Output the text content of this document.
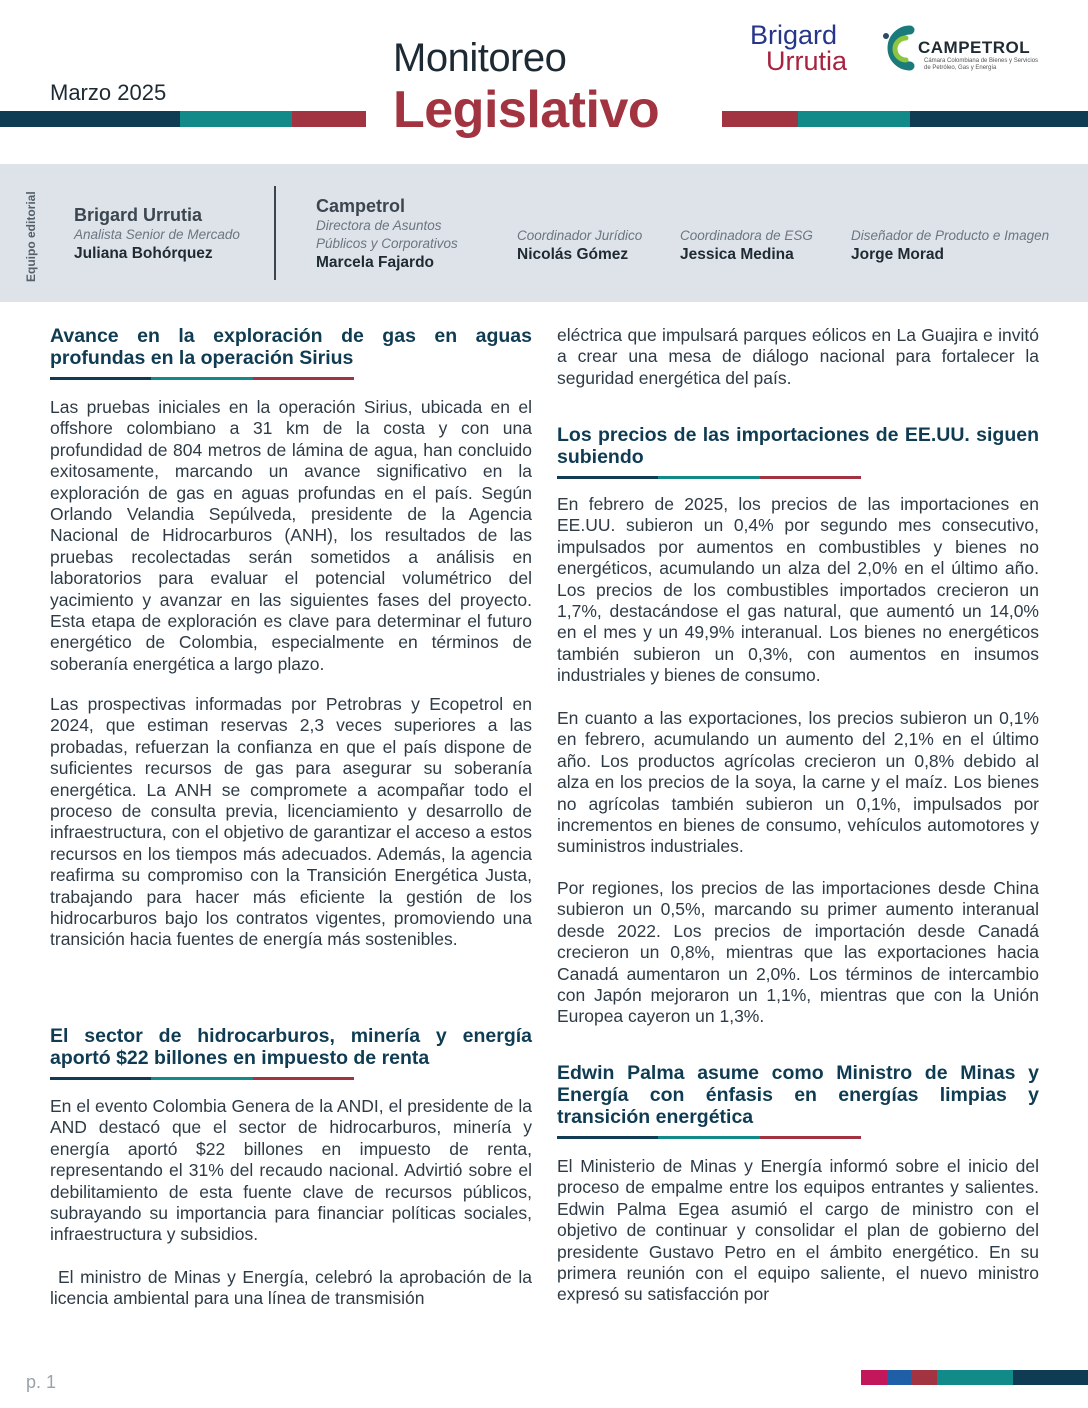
Marzo 2025
Monitoreo
Legislativo
Brigard
Urrutia	CAMPETROL
Cámara Colombiana de Bienes y Servicios de Petróleo, Gas y Energía
Equipo editorial Brigard Urrutia
Analista Senior de Mercado
Juliana Bohórquez
Campetrol
Directora de Asuntos
Públicos y Corporativos
Marcela Fajardo
Coordinador Jurídico
Nicolás Gómez
Coordinadora de ESG
Jessica Medina
Diseñador de Producto e Imagen
Jorge Morad
Avance en la exploración de gas en aguas profundas en la operación Sirius

Las pruebas iniciales en la operación Sirius, ubicada en el offshore colombiano a 31 km de la costa y con una profundidad de 804 metros de lámina de agua, han concluido exitosamente, marcando un avance significativo en la exploración de gas en aguas profundas en el país. Según Orlando Velandia Sepúlveda, presidente de la Agencia Nacional de Hidrocarburos (ANH), los resultados de las pruebas recolectadas serán sometidos a análisis en laboratorios para evaluar el potencial volumétrico del yacimiento y avanzar en las siguientes fases del proyecto. Esta etapa de exploración es clave para determinar el futuro energético de Colombia, especialmente en términos de soberanía energética a largo plazo.

Las prospectivas informadas por Petrobras y Ecopetrol en 2024, que estiman reservas 2,3 veces superiores a las probadas, refuerzan la confianza en que el país dispone de suficientes recursos de gas para asegurar su soberanía energética. La ANH se compromete a acompañar todo el proceso de consulta previa, licenciamiento y desarrollo de infraestructura, con el objetivo de garantizar el acceso a estos recursos en los tiempos más adecuados. Además, la agencia reafirma su compromiso con la Transición Energética Justa, trabajando para hacer más eficiente la gestión de los hidrocarburos bajo los contratos vigentes, promoviendo una transición hacia fuentes de energía más sostenibles.

El sector de hidrocarburos, minería y energía aportó $22 billones en impuesto de renta

En el evento Colombia Genera de la ANDI, el presidente de la AND destacó que el sector de hidrocarburos, minería y energía aportó $22 billones en impuesto de renta, representando el 31% del recaudo nacional. Advirtió sobre el debilitamiento de esta fuente clave de recursos públicos, subrayando su importancia para financiar políticas sociales, infraestructura y subsidios.

El ministro de Minas y Energía, celebró la aprobación de la licencia ambiental para una línea de transmisión

eléctrica que impulsará parques eólicos en La Guajira e invitó a crear una mesa de diálogo nacional para fortalecer la seguridad energética del país.

Los precios de las importaciones de EE.UU. siguen subiendo

En febrero de 2025, los precios de las importaciones en EE.UU. subieron un 0,4% por segundo mes consecutivo, impulsados por aumentos en combustibles y bienes no energéticos, acumulando un alza del 2,0% en el último año. Los precios de los combustibles importados crecieron un 1,7%, destacándose el gas natural, que aumentó un 14,0% en el mes y un 49,9% interanual. Los bienes no energéticos también subieron un 0,3%, con aumentos en insumos industriales y bienes de consumo.

En cuanto a las exportaciones, los precios subieron un 0,1% en febrero, acumulando un aumento del 2,1% en el último año. Los productos agrícolas crecieron un 0,8% debido al alza en los precios de la soya, la carne y el maíz. Los bienes no agrícolas también subieron un 0,1%, impulsados por incrementos en bienes de consumo, vehículos automotores y suministros industriales.

Por regiones, los precios de las importaciones desde China subieron un 0,5%, marcando su primer aumento interanual desde 2022. Los precios de importación desde Canadá crecieron un 0,8%, mientras que las exportaciones hacia Canadá aumentaron un 2,0%. Los términos de intercambio con Japón mejoraron un 1,1%, mientras que con la Unión Europea cayeron un 1,3%.

Edwin Palma asume como Ministro de Minas y Energía con énfasis en energías limpias y transición energética

El Ministerio de Minas y Energía informó sobre el inicio del proceso de empalme entre los equipos entrantes y salientes. Edwin Palma Egea asumió el cargo de ministro con el objetivo de continuar y consolidar el plan de gobierno del presidente Gustavo Petro en el ámbito energético. En su primera reunión con el equipo saliente, el nuevo ministro expresó su satisfacción por

p. 1
